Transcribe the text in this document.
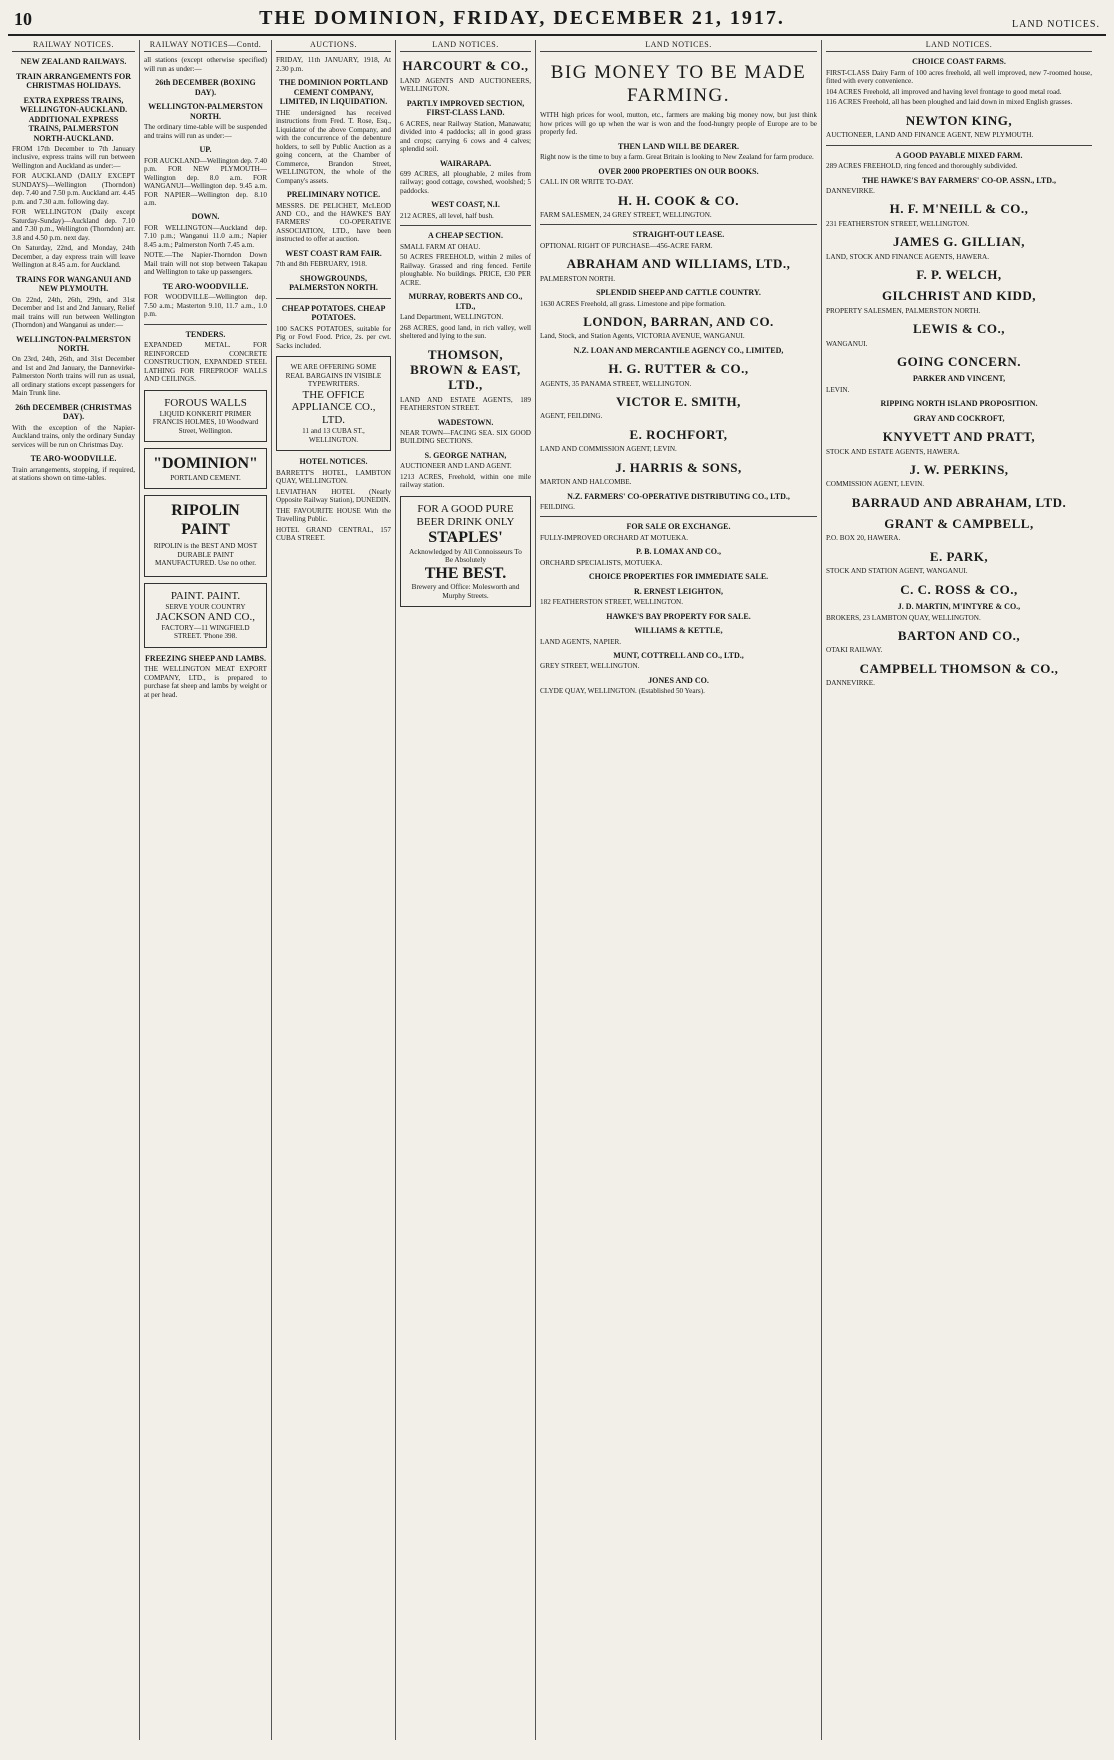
10	THE DOMINION, FRIDAY, DECEMBER 21, 1917.	LAND NOTICES.
RAILWAY NOTICES.
NEW ZEALAND RAILWAYS.
TRAIN ARRANGEMENTS FOR CHRISTMAS HOLIDAYS.
EXTRA EXPRESS TRAINS, WELLINGTON-AUCKLAND. ADDITIONAL EXPRESS TRAINS, PALMERSTON NORTH-AUCKLAND.
FROM 17th December to 7th January inclusive, express trains will run between Wellington and Auckland as under:—
FOR AUCKLAND (DAILY EXCEPT SUNDAYS)—Wellington (Thorndon) dep. 7.40 and 7.50 p.m. Auckland arr. 4.45 p.m. and 7.30 a.m. following day.
FOR WELLINGTON (Daily except Saturday-Sunday)—Auckland dep. 7.10 and 7.30 p.m., Wellington (Thorndon) arr. 3.8 and 4.50 p.m. next day.
On Saturday, 22nd, and Monday, 24th December, a day express train will leave Wellington at 8.45 a.m. for Auckland.
TRAINS FOR WANGANUI AND NEW PLYMOUTH.
On 22nd, 24th, 26th, 29th, and 31st December and 1st and 2nd January, Relief mail trains will run between Wellington (Thorndon) and Wanganui as under:—
WELLINGTON-PALMERSTON NORTH.
On 23rd, 24th, 26th, and 31st December and 1st and 2nd January, the Dannevirke-Palmerston North trains will run as usual, all ordinary stations except passengers for Main Trunk line.
26th DECEMBER (CHRISTMAS DAY).
With the exception of the Napier-Auckland trains, only the ordinary Sunday services will be run on Christmas Day.
TE ARO-WOODVILLE.
Train arrangements, stopping, if required, at stations shown on time-tables.
RAILWAY NOTICES—Contd.
all stations (except otherwise specified) will run as under:—
26th DECEMBER (BOXING DAY).
WELLINGTON-PALMERSTON NORTH.
The ordinary time-table will be suspended and trains will run as under:—
UP.
FOR AUCKLAND—Wellington dep. 7.40 p.m. FOR NEW PLYMOUTH—Wellington dep. 8.0 a.m. FOR WANGANUI—Wellington dep. 9.45 a.m. FOR NAPIER—Wellington dep. 8.10 a.m.
DOWN.
FOR WELLINGTON—Auckland dep. 7.10 p.m.; Wanganui 11.0 a.m.; Napier 8.45 a.m.; Palmerston North 7.45 a.m.
NOTE.—The Napier-Thorndon Down Mail train will not stop between Takapau and Wellington to take up passengers.
TE ARO-WOODVILLE.
FOR WOODVILLE—Wellington dep. 7.50 a.m.; Masterton 9.10, 11.7 a.m., 1.0 p.m.
TENDERS.
EXPANDED METAL. FOR REINFORCED CONCRETE CONSTRUCTION, EXPANDED STEEL LATHING FOR FIREPROOF WALLS AND CEILINGS.
FOROUS WALLS
LIQUID KONKERIT PRIMER
FRANCIS HOLMES, 10 Woodward Street, Wellington.
"DOMINION"
PORTLAND CEMENT.
RIPOLIN PAINT
RIPOLIN is the BEST AND MOST DURABLE PAINT MANUFACTURED. Use no other.
PAINT. PAINT.
SERVE YOUR COUNTRY
JACKSON AND CO.,
FACTORY—11 WINGFIELD STREET. 'Phone 398.
FREEZING SHEEP AND LAMBS.
THE WELLINGTON MEAT EXPORT COMPANY, LTD., is prepared to purchase fat sheep and lambs by weight or at per head.
AUCTIONS.
FRIDAY, 11th JANUARY, 1918, At 2.30 p.m.
THE DOMINION PORTLAND CEMENT COMPANY, LIMITED, IN LIQUIDATION.
THE undersigned has received instructions from Fred. T. Rose, Esq., Liquidator of the above Company, and with the concurrence of the debenture holders, to sell by Public Auction as a going concern, at the Chamber of Commerce, Brandon Street, WELLINGTON, the whole of the Company's assets.
PRELIMINARY NOTICE.
MESSRS. DE PELICHET, McLEOD AND CO., and the HAWKE'S BAY FARMERS' CO-OPERATIVE ASSOCIATION, LTD., have been instructed to offer at auction.
WEST COAST RAM FAIR.
7th and 8th FEBRUARY, 1918.
SHOWGROUNDS, PALMERSTON NORTH.
CHEAP POTATOES. CHEAP POTATOES.
100 SACKS POTATOES, suitable for Pig or Fowl Food. Price, 2s. per cwt. Sacks included.
WE ARE OFFERING SOME REAL BARGAINS IN VISIBLE TYPEWRITERS.
THE OFFICE APPLIANCE CO., LTD.
11 and 13 CUBA ST., WELLINGTON.
HOTEL NOTICES.
BARRETT'S HOTEL, LAMBTON QUAY, WELLINGTON.
LEVIATHAN HOTEL (Nearly Opposite Railway Station), DUNEDIN.
THE FAVOURITE HOUSE With the Travelling Public.
HOTEL GRAND CENTRAL, 157 CUBA STREET.
LAND NOTICES.
HARCOURT & CO.,
LAND AGENTS AND AUCTIONEERS, WELLINGTON.
PARTLY IMPROVED SECTION, FIRST-CLASS LAND.
6 ACRES, near Railway Station, Manawatu; divided into 4 paddocks; all in good grass and crops; carrying 6 cows and 4 calves; splendid soil.
WAIRARAPA.
699 ACRES, all ploughable, 2 miles from railway; good cottage, cowshed, woolshed; 5 paddocks.
WEST COAST, N.I.
212 ACRES, all level, half bush.
A CHEAP SECTION.
SMALL FARM AT OHAU.
50 ACRES FREEHOLD, within 2 miles of Railway. Grassed and ring fenced. Fertile ploughable. No buildings. PRICE, £30 PER ACRE.
MURRAY, ROBERTS AND CO., LTD.,
Land Department, WELLINGTON.
268 ACRES, good land, in rich valley, well sheltered and lying to the sun.
THOMSON, BROWN & EAST, LTD.,
LAND AND ESTATE AGENTS, 189 FEATHERSTON STREET.
WADESTOWN.
NEAR TOWN—FACING SEA. SIX GOOD BUILDING SECTIONS.
S. GEORGE NATHAN,
AUCTIONEER AND LAND AGENT.
1213 ACRES, Freehold, within one mile railway station.
FOR A GOOD PURE BEER DRINK ONLY
STAPLES'
Acknowledged by All Connoisseurs To Be Absolutely
THE BEST.
Brewery and Office: Molesworth and Murphy Streets.
LAND NOTICES.
BIG MONEY TO BE MADE FARMING.
WITH high prices for wool, mutton, etc., farmers are making big money now, but just think how prices will go up when the war is won and the food-hungry people of Europe are to be properly fed.
THEN LAND WILL BE DEARER.
Right now is the time to buy a farm. Great Britain is looking to New Zealand for farm produce.
OVER 2000 PROPERTIES ON OUR BOOKS.
CALL IN OR WRITE TO-DAY.
H. H. COOK & CO.
FARM SALESMEN, 24 GREY STREET, WELLINGTON.
STRAIGHT-OUT LEASE.
OPTIONAL RIGHT OF PURCHASE—456-ACRE FARM.
ABRAHAM AND WILLIAMS, LTD.,
PALMERSTON NORTH.
SPLENDID SHEEP AND CATTLE COUNTRY.
1630 ACRES Freehold, all grass. Limestone and pipe formation.
LONDON, BARRAN, AND CO.
Land, Stock, and Station Agents, VICTORIA AVENUE, WANGANUI.
N.Z. LOAN AND MERCANTILE AGENCY CO., LIMITED,
H. G. RUTTER & CO.,
AGENTS, 35 PANAMA STREET, WELLINGTON.
VICTOR E. SMITH,
AGENT, FEILDING.
E. ROCHFORT,
LAND AND COMMISSION AGENT, LEVIN.
J. HARRIS & SONS,
MARTON AND HALCOMBE.
N.Z. FARMERS' CO-OPERATIVE DISTRIBUTING CO., LTD.,
FEILDING.
FOR SALE OR EXCHANGE.
FULLY-IMPROVED ORCHARD AT MOTUEKA.
P. B. LOMAX AND CO.,
ORCHARD SPECIALISTS, MOTUEKA.
CHOICE PROPERTIES FOR IMMEDIATE SALE.
R. ERNEST LEIGHTON,
182 FEATHERSTON STREET, WELLINGTON.
HAWKE'S BAY PROPERTY FOR SALE.
WILLIAMS & KETTLE,
LAND AGENTS, NAPIER.
MUNT, COTTRELL AND CO., LTD.,
GREY STREET, WELLINGTON.
JONES AND CO.
CLYDE QUAY, WELLINGTON. (Established 50 Years).
LAND NOTICES.
CHOICE COAST FARMS.
FIRST-CLASS Dairy Farm of 100 acres freehold, all well improved, new 7-roomed house, fitted with every convenience.
104 ACRES Freehold, all improved and having level frontage to good metal road.
116 ACRES Freehold, all has been ploughed and laid down in mixed English grasses.
NEWTON KING,
AUCTIONEER, LAND AND FINANCE AGENT, NEW PLYMOUTH.
A GOOD PAYABLE MIXED FARM.
289 ACRES FREEHOLD, ring fenced and thoroughly subdivided.
THE HAWKE'S BAY FARMERS' CO-OP. ASSN., LTD.,
DANNEVIRKE.
H. F. M'NEILL & CO.,
231 FEATHERSTON STREET, WELLINGTON.
JAMES G. GILLIAN,
LAND, STOCK AND FINANCE AGENTS, HAWERA.
F. P. WELCH,
GILCHRIST AND KIDD,
PROPERTY SALESMEN, PALMERSTON NORTH.
LEWIS & CO.,
WANGANUI.
GOING CONCERN.
PARKER AND VINCENT,
LEVIN.
RIPPING NORTH ISLAND PROPOSITION.
GRAY AND COCKROFT,
KNYVETT AND PRATT,
STOCK AND ESTATE AGENTS, HAWERA.
J. W. PERKINS,
COMMISSION AGENT, LEVIN.
BARRAUD AND ABRAHAM, LTD.
GRANT & CAMPBELL,
P.O. BOX 20, HAWERA.
E. PARK,
STOCK AND STATION AGENT, WANGANUI.
C. C. ROSS & CO.,
J. D. MARTIN, M'INTYRE & CO.,
BROKERS, 23 LAMBTON QUAY, WELLINGTON.
BARTON AND CO.,
OTAKI RAILWAY.
CAMPBELL THOMSON & CO.,
DANNEVIRKE.
